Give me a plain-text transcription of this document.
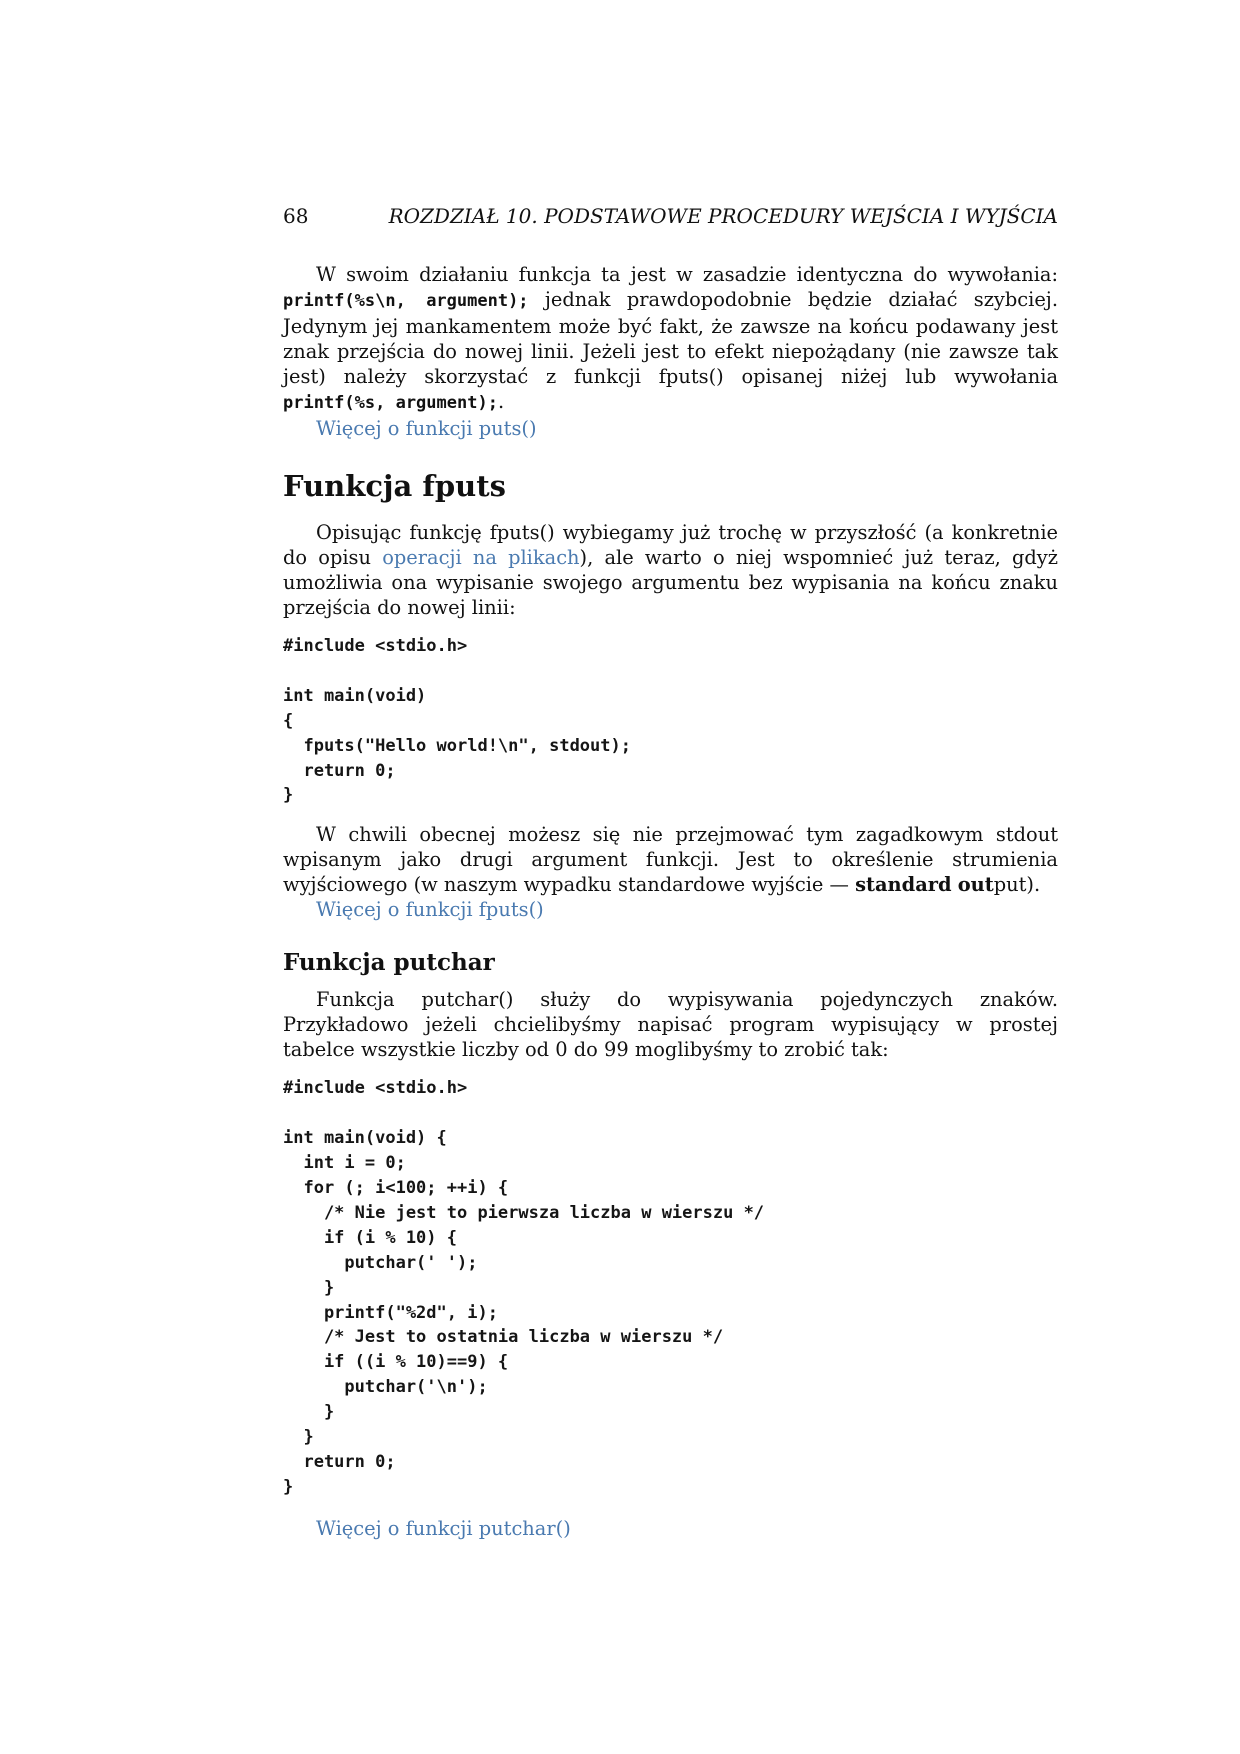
68	ROZDZIAŁ 10. PODSTAWOWE PROCEDURY WEJŚCIA I WYJŚCIA

W swoim działaniu funkcja ta jest w zasadzie identyczna do wywołania: printf(%s\n, argument); jednak prawdopodobnie będzie działać szybciej. Jedynym jej mankamentem może być fakt, że zawsze na końcu podawany jest znak przejścia do nowej linii. Jeżeli jest to efekt niepożądany (nie zawsze tak jest) należy skorzystać z funkcji fputs() opisanej niżej lub wywołania printf(%s, argument);.

Więcej o funkcji puts()

Funkcja fputs

Opisując funkcję fputs() wybiegamy już trochę w przyszłość (a konkretnie do opisu operacji na plikach), ale warto o niej wspomnieć już teraz, gdyż umożliwia ona wypisanie swojego argumentu bez wypisania na końcu znaku przejścia do nowej linii:

#include <stdio.h>

int main(void)
{
fputs("Hello world!\n", stdout);
return 0;
}

W chwili obecnej możesz się nie przejmować tym zagadkowym stdout wpisanym jako drugi argument funkcji. Jest to określenie strumienia wyjściowego (w naszym wypadku standardowe wyjście — standard output).

Więcej o funkcji fputs()

Funkcja putchar

Funkcja putchar() służy do wypisywania pojedynczych znaków. Przykładowo jeżeli chcielibyśmy napisać program wypisujący w prostej tabelce wszystkie liczby od 0 do 99 moglibyśmy to zrobić tak:

#include <stdio.h>

int main(void) {
int i = 0;
for (; i<100; ++i) {
/* Nie jest to pierwsza liczba w wierszu */
if (i % 10) {
putchar(' ');
}
printf("%2d", i);
/* Jest to ostatnia liczba w wierszu */
if ((i % 10)==9) {
putchar('\n');
}
}
return 0;
}

Więcej o funkcji putchar()
